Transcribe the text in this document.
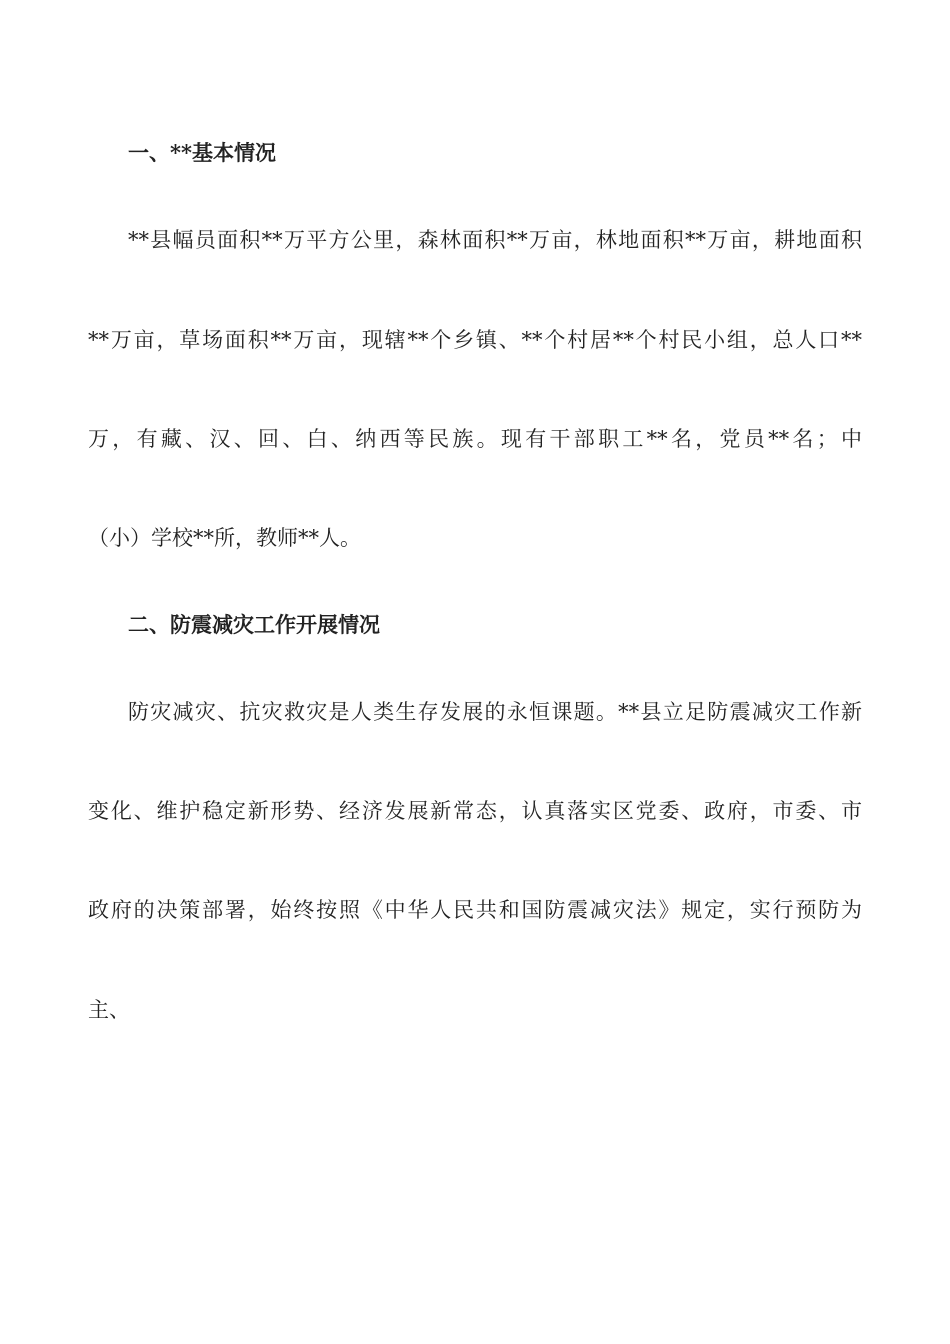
一、**基本情况
**县幅员面积**万平方公里，森林面积**万亩，林地面积**万亩，耕地面积
**万亩，草场面积**万亩，现辖**个乡镇、**个村居**个村民小组，总人口**
万，有藏、汉、回、白、纳西等民族。现有干部职工**名，党员**名；中
（小）学校**所，教师**人。
二、防震减灾工作开展情况
防灾减灾、抗灾救灾是人类生存发展的永恒课题。**县立足防震减灾工作新
变化、维护稳定新形势、经济发展新常态，认真落实区党委、政府，市委、市
政府的决策部署，始终按照《中华人民共和国防震减灾法》规定，实行预防为
主、
